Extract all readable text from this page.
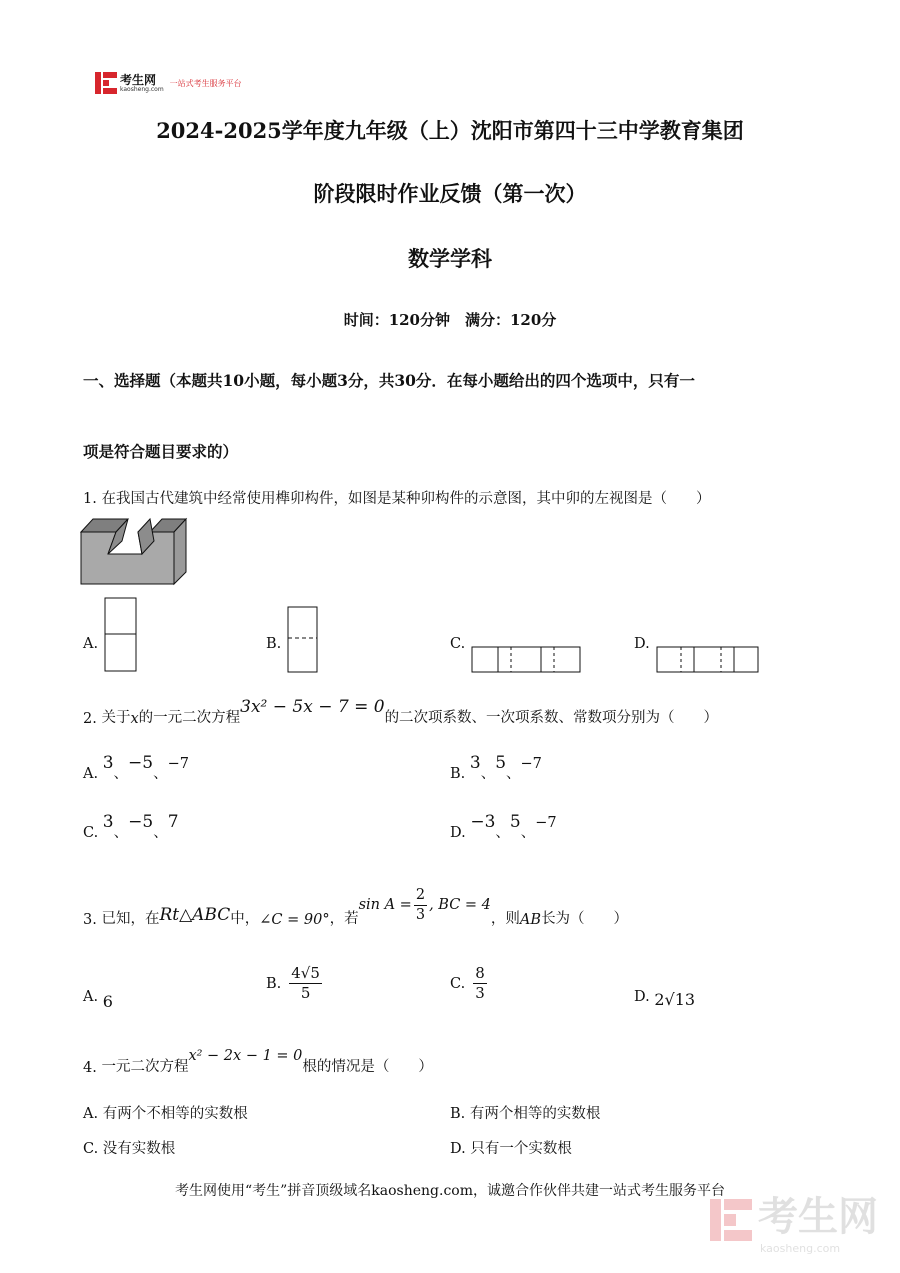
考生网
kaosheng.com
一站式考生服务平台
2024-2025学年度九年级（上）沈阳市第四十三中学教育集团
阶段限时作业反馈（第一次）
数学学科
时间：120分钟　满分：120分
一、选择题（本题共10小题，每小题3分，共30分．在每小题给出的四个选项中，只有一
项是符合题目要求的）
1. 在我国古代建筑中经常使用榫卯构件，如图是某种卯构件的示意图，其中卯的左视图是（　　）
A.	B.	C.	D.
2.
关于 x 的一元二次方程
3x² − 5x − 7 = 0
的二次项系数、一次项系数、常数项分别为（　　）
A. 3、−5、−7
B. 3、5、−7
C. 3、−5、7
D. −3、5、−7
3.
已知，在 Rt△ABC 中， ∠C = 90° ，若
$\sin A = \frac{2}{3}$ , BC = 4
，则 AB 长为（　　）
A. 6
B. $\frac{4√5}{5}$	C. $\frac{8}{3}$	D. 2√13
4.
一元二次方程
x² − 2x − 1 = 0
根的情况是（　　）
A. 有两个不相等的实数根	B. 有两个相等的实数根
C. 没有实数根	D. 只有一个实数根
考生网使用“考生”拼音顶级域名kaosheng.com，诚邀合作伙伴共建一站式考生服务平台
考生网
kaosheng.com
